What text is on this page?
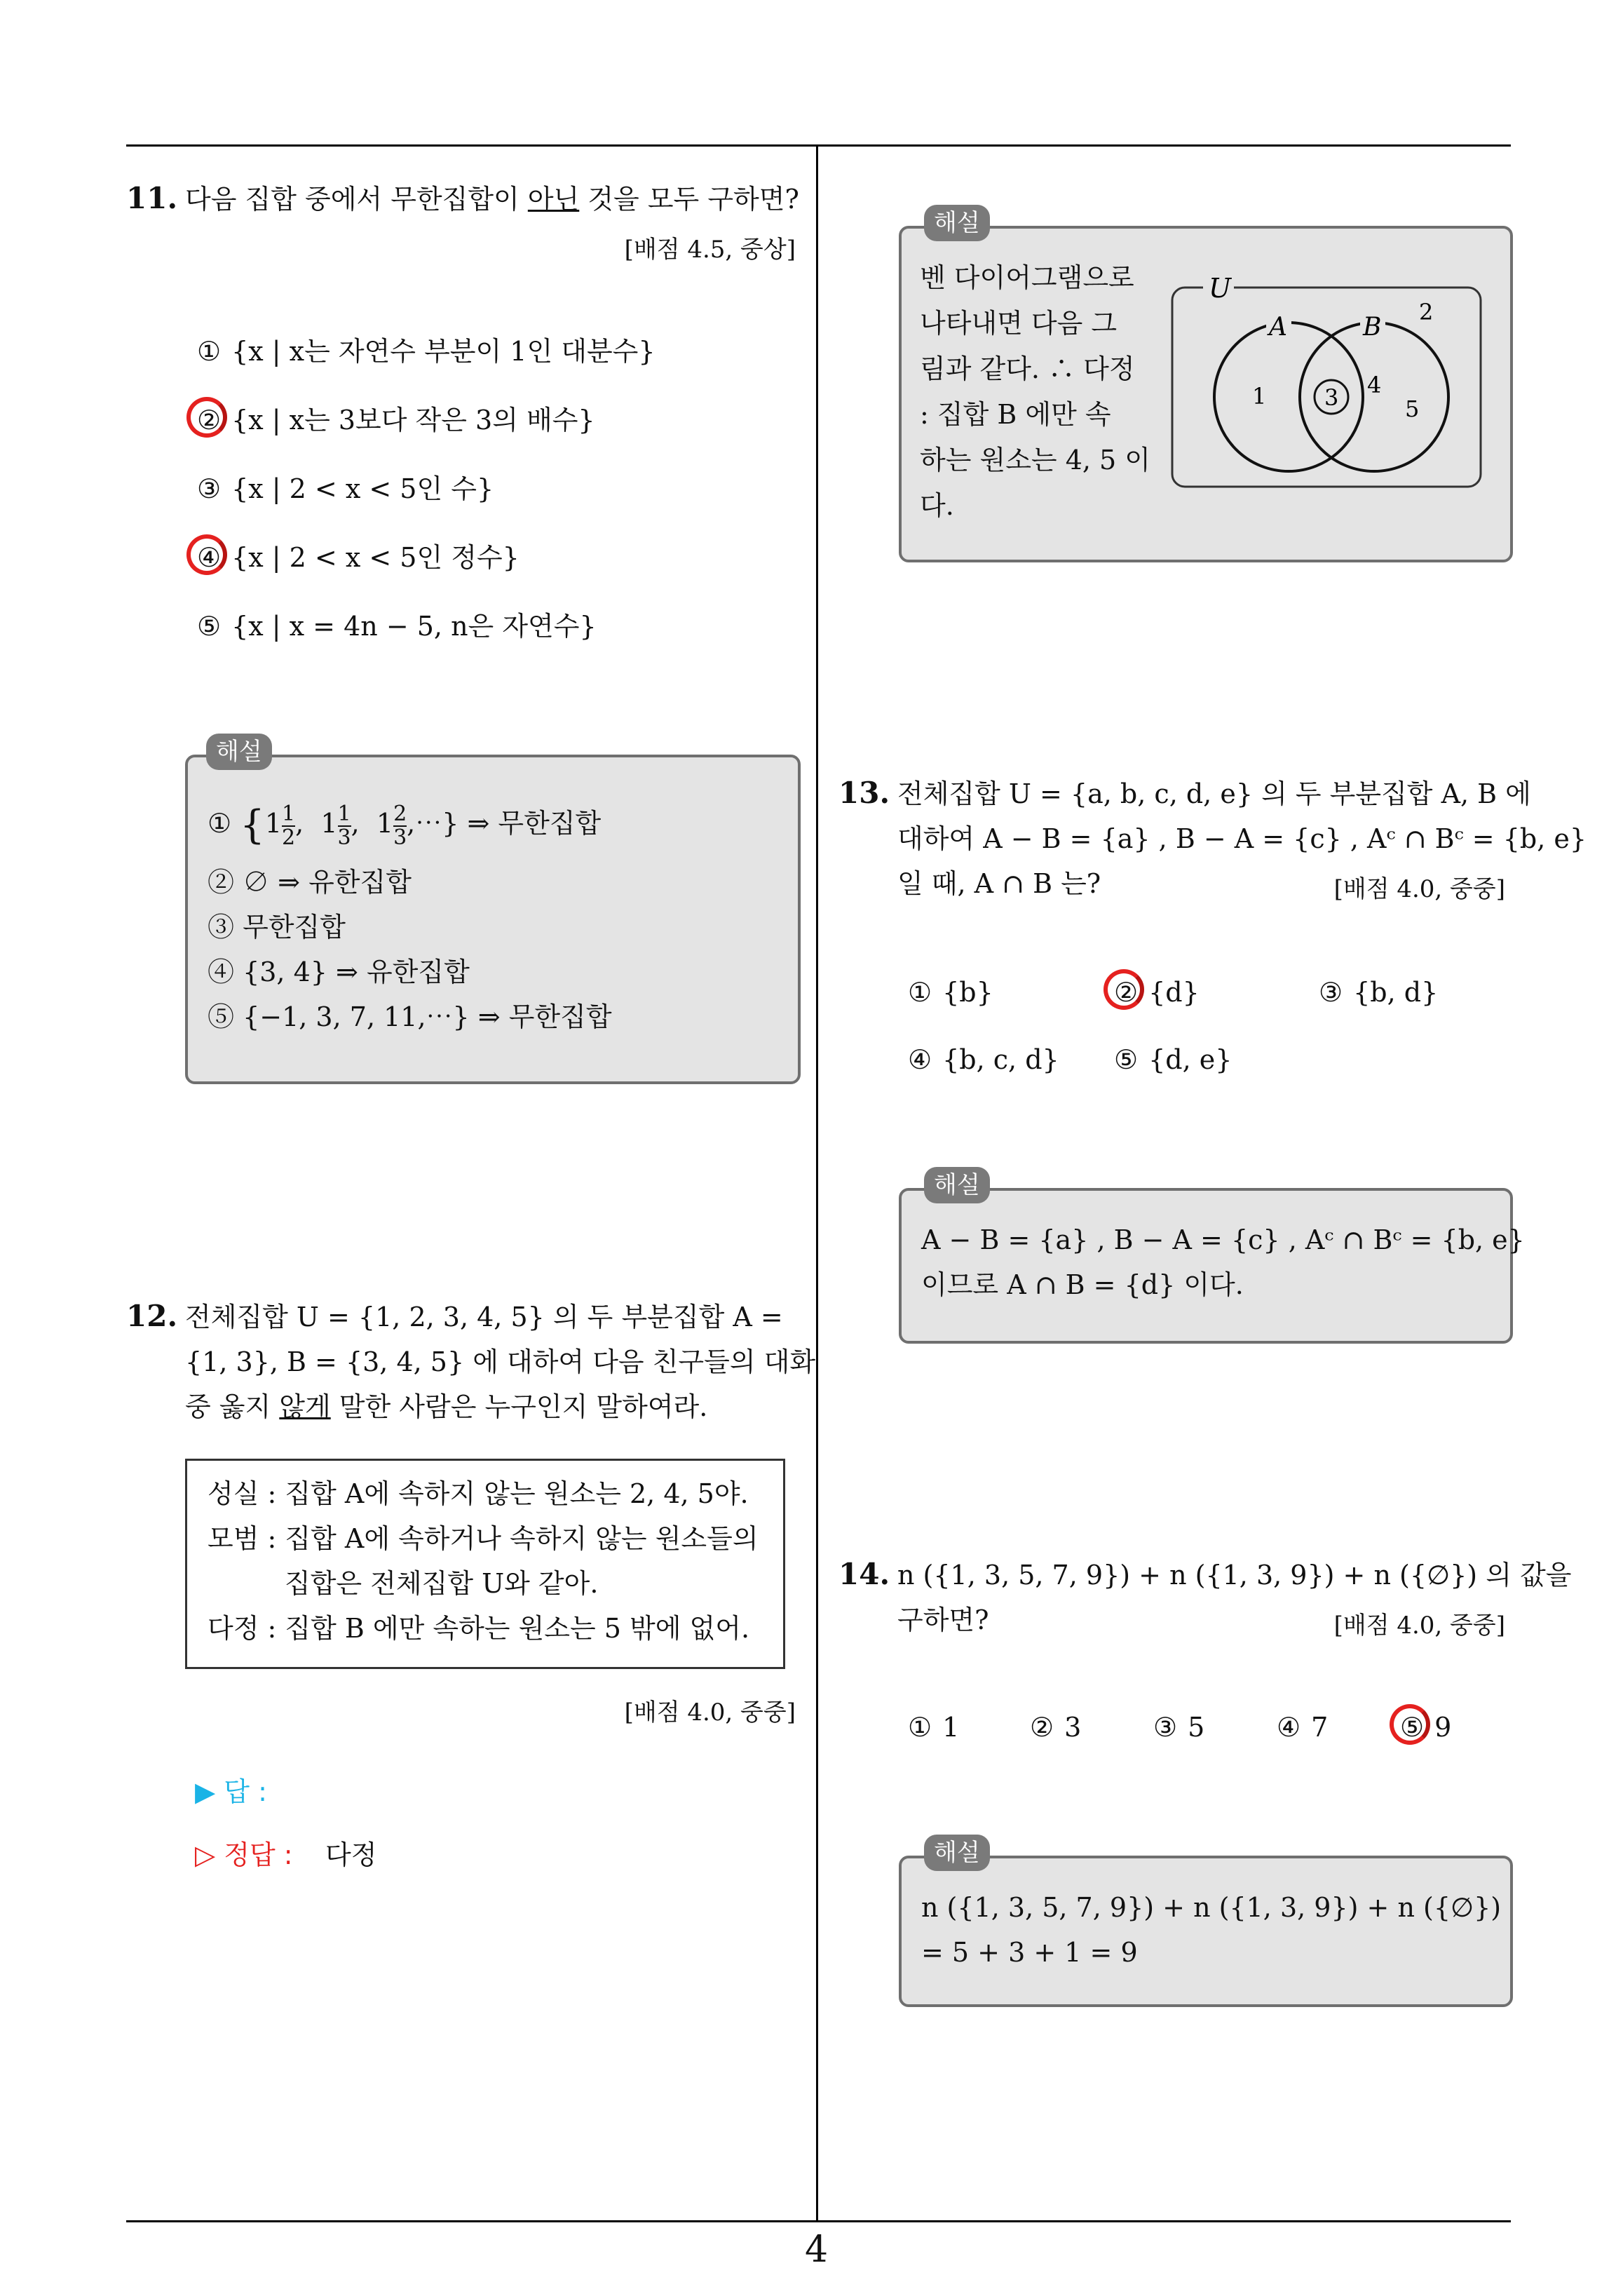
11. 다음 집합 중에서 무한집합이 아닌 것을 모두 구하면?
[배점 4.5, 중상]
① {x | x는 자연수 부분이 1인 대분수}
② {x | x는 3보다 작은 3의 배수}
③ {x | 2 < x < 5인 수}
④ {x | 2 < x < 5인 정수}
⑤ {x | x = 4n − 5, n은 자연수}
해설
① {$1 \frac{1}{2}$ ,  $1 \frac{1}{3}$ ,  $1 \frac{2}{3}$ ,⋯} ⇒ 무한집합
② ∅ ⇒ 유한집합
③ 무한집합
④ {3, 4} ⇒ 유한집합
⑤ {−1, 3, 7, 11,⋯} ⇒ 무한집합
12. 전체집합 U = {1, 2, 3, 4, 5} 의 두 부분집합 A =
{1, 3}, B = {3, 4, 5} 에 대하여 다음 친구들의 대화
중 옳지 않게 말한 사람은 누구인지 말하여라.
성실 : 집합 A에 속하지 않는 원소는 2, 4, 5야.
모범 : 집합 A에 속하거나 속하지 않는 원소들의
집합은 전체집합 U와 같아.
다정 : 집합 B 에만 속하는 원소는 5 밖에 없어.
[배점 4.0, 중중]
▶ 답 :
▷ 정답 : 다정
해설
벤 다이어그램으로
나타내면 다음 그
림과 같다. ∴ 다정
: 집합 B 에만 속
하는 원소는 4, 5 이
다.
U
A	B
2
1	3 4
5
13. 전체집합 U = {a, b, c, d, e} 의 두 부분집합 A, B 에
대하여 A − B = {a} , B − A = {c} , Aᶜ ∩ Bᶜ = {b, e}
일 때, A ∩ B 는?	[배점 4.0, 중중]
① {b}	② {d}	③ {b, d}
④ {b, c, d} ⑤ {d, e}
해설
A − B = {a} , B − A = {c} , Aᶜ ∩ Bᶜ = {b, e}
이므로 A ∩ B = {d} 이다.
14. n ({1, 3, 5, 7, 9}) + n ({1, 3, 9}) + n ({∅}) 의 값을
구하면?	[배점 4.0, 중중]
① 1	② 3	③ 5	④ 7	⑤ 9
해설
n ({1, 3, 5, 7, 9}) + n ({1, 3, 9}) + n ({∅})
= 5 + 3 + 1 = 9
4
